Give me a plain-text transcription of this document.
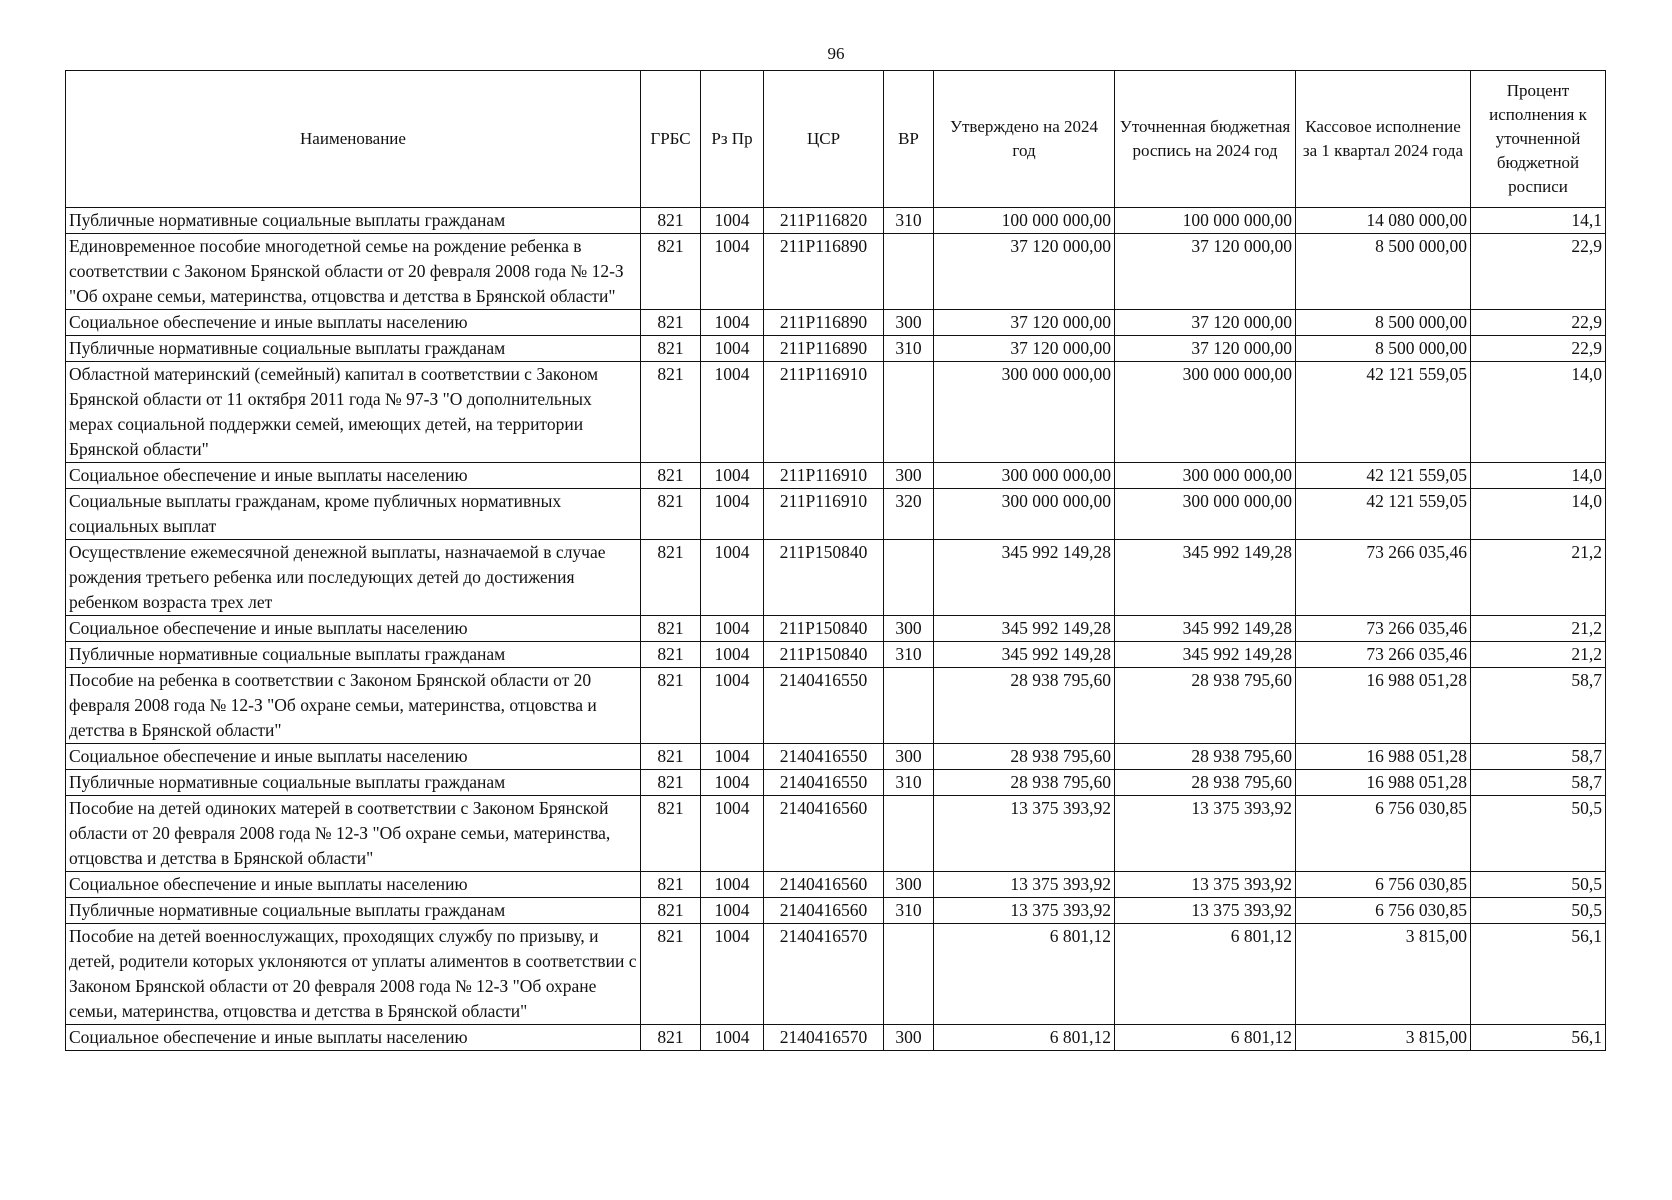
96
Наименование	ГРБС	Рз Пр	ЦСР	ВР	Утверждено на 2024 год	Уточненная бюджетная роспись на 2024 год	Кассовое исполнение за 1 квартал 2024 года	Процент исполнения к уточненной бюджетной росписи
Публичные нормативные социальные выплаты гражданам	821	1004	211P116820	310	100 000 000,00	100 000 000,00	14 080 000,00	14,1
Единовременное пособие многодетной семье на рождение ребенка в соответствии с Законом Брянской области от 20 февраля 2008 года № 12-З "Об охране семьи, материнства, отцовства и детства в Брянской области"	821	1004	211P116890		37 120 000,00	37 120 000,00	8 500 000,00	22,9
Социальное обеспечение и иные выплаты населению	821	1004	211P116890	300	37 120 000,00	37 120 000,00	8 500 000,00	22,9
Публичные нормативные социальные выплаты гражданам	821	1004	211P116890	310	37 120 000,00	37 120 000,00	8 500 000,00	22,9
Областной материнский (семейный) капитал в соответствии с Законом Брянской области от 11 октября 2011 года № 97-З "О дополнительных мерах социальной поддержки семей, имеющих детей, на территории Брянской области"	821	1004	211P116910		300 000 000,00	300 000 000,00	42 121 559,05	14,0
Социальное обеспечение и иные выплаты населению	821	1004	211P116910	300	300 000 000,00	300 000 000,00	42 121 559,05	14,0
Социальные выплаты гражданам, кроме публичных нормативных социальных выплат	821	1004	211P116910	320	300 000 000,00	300 000 000,00	42 121 559,05	14,0
Осуществление ежемесячной денежной выплаты, назначаемой в случае рождения третьего ребенка или последующих детей до достижения ребенком возраста трех лет	821	1004	211P150840		345 992 149,28	345 992 149,28	73 266 035,46	21,2
Социальное обеспечение и иные выплаты населению	821	1004	211P150840	300	345 992 149,28	345 992 149,28	73 266 035,46	21,2
Публичные нормативные социальные выплаты гражданам	821	1004	211P150840	310	345 992 149,28	345 992 149,28	73 266 035,46	21,2
Пособие на ребенка в соответствии с Законом Брянской области от 20 февраля 2008 года № 12-З "Об охране семьи, материнства, отцовства и детства в Брянской области"	821	1004	2140416550		28 938 795,60	28 938 795,60	16 988 051,28	58,7
Социальное обеспечение и иные выплаты населению	821	1004	2140416550	300	28 938 795,60	28 938 795,60	16 988 051,28	58,7
Публичные нормативные социальные выплаты гражданам	821	1004	2140416550	310	28 938 795,60	28 938 795,60	16 988 051,28	58,7
Пособие на детей одиноких матерей в соответствии с Законом Брянской области от 20 февраля 2008 года № 12-З "Об охране семьи, материнства, отцовства и детства в Брянской области"	821	1004	2140416560		13 375 393,92	13 375 393,92	6 756 030,85	50,5
Социальное обеспечение и иные выплаты населению	821	1004	2140416560	300	13 375 393,92	13 375 393,92	6 756 030,85	50,5
Публичные нормативные социальные выплаты гражданам	821	1004	2140416560	310	13 375 393,92	13 375 393,92	6 756 030,85	50,5
Пособие на детей военнослужащих, проходящих службу по призыву, и детей, родители которых уклоняются от уплаты алиментов в соответствии с Законом Брянской области от 20 февраля 2008 года № 12-З "Об охране семьи, материнства, отцовства и детства в Брянской области"	821	1004	2140416570		6 801,12	6 801,12	3 815,00	56,1
Социальное обеспечение и иные выплаты населению	821	1004	2140416570	300	6 801,12	6 801,12	3 815,00	56,1
